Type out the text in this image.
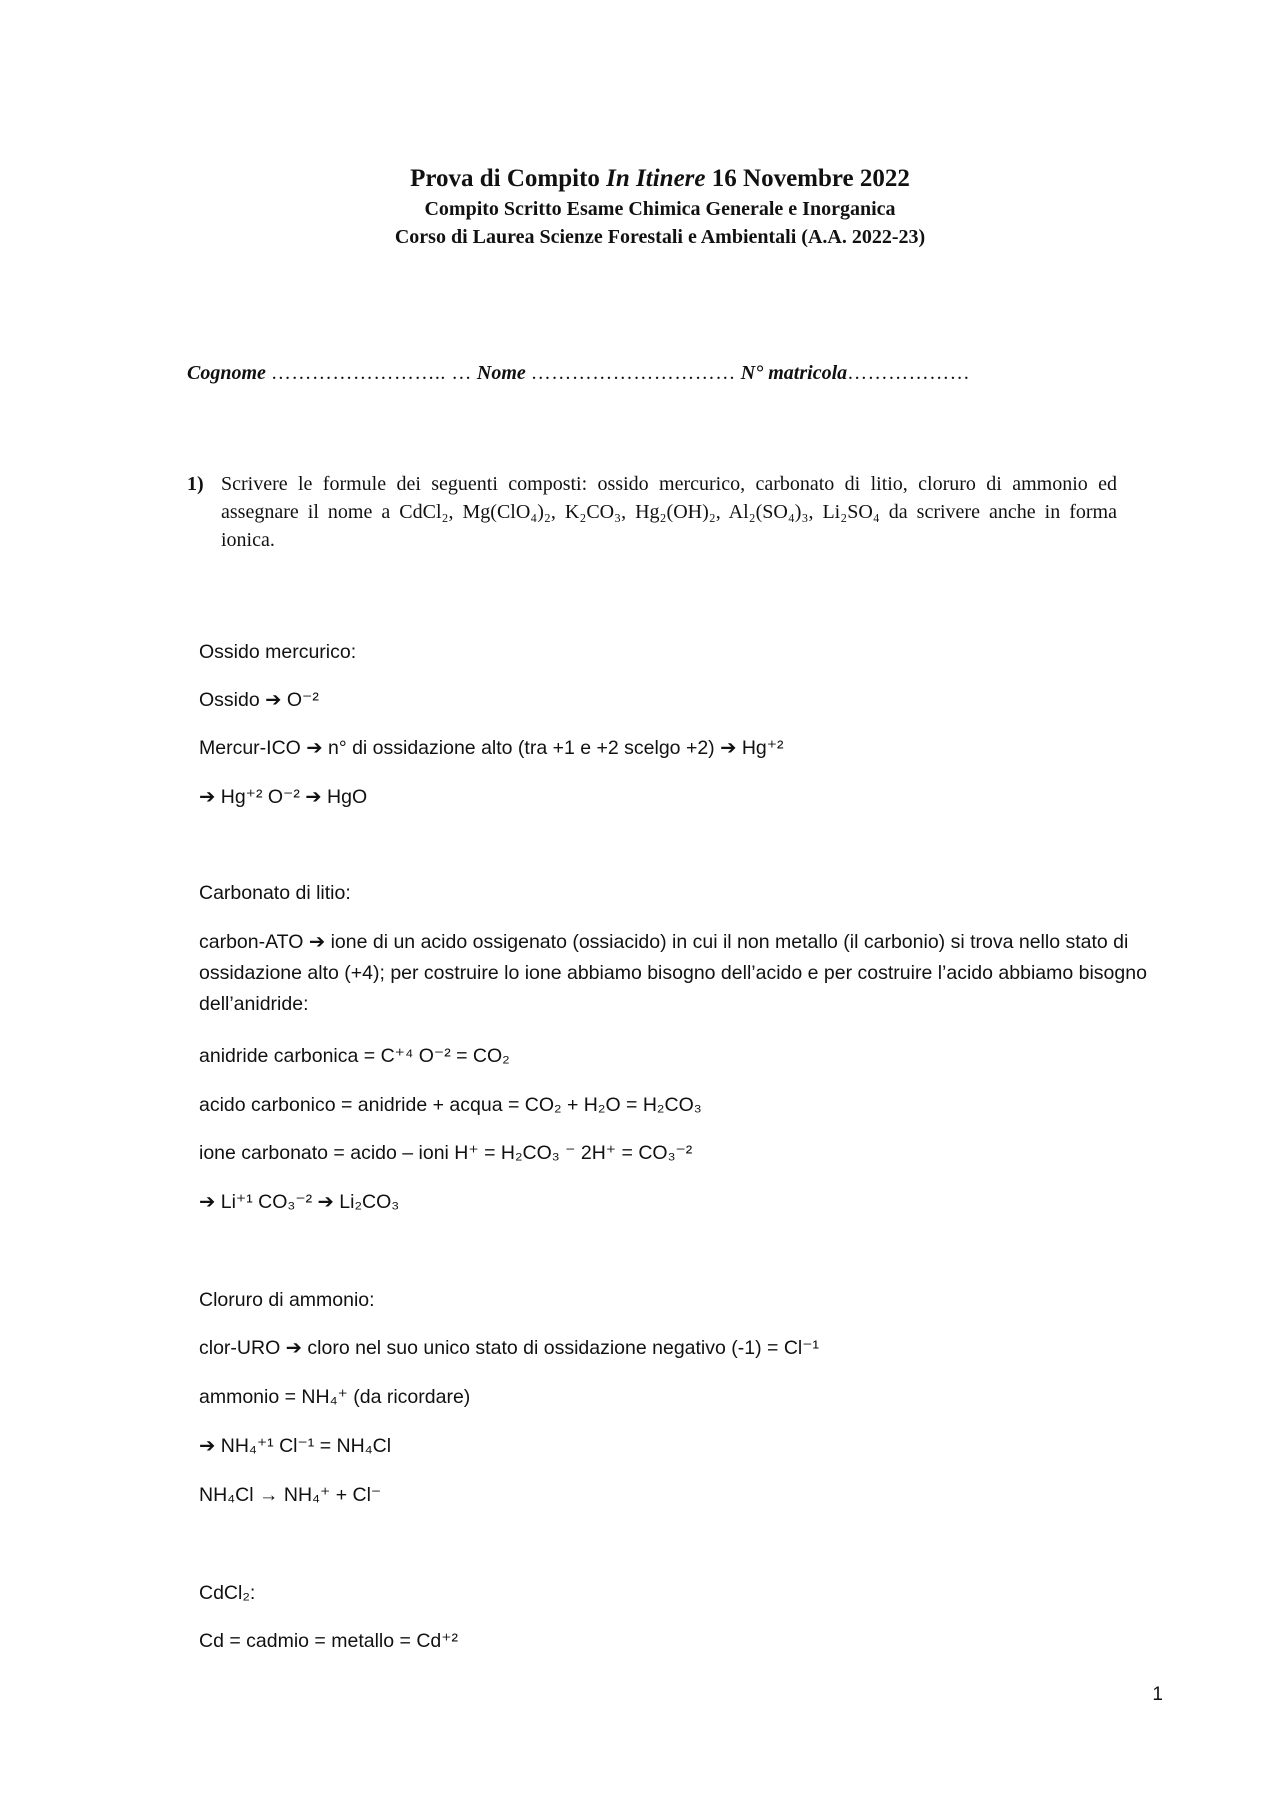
Prova di Compito In Itinere 16 Novembre 2022
Compito Scritto Esame Chimica Generale e Inorganica
Corso di Laurea Scienze Forestali e Ambientali (A.A. 2022-23)
Cognome …………………….. … Nome ………………………… N° matricola………………
1) Scrivere le formule dei seguenti composti: ossido mercurico, carbonato di litio, cloruro di ammonio ed assegnare il nome a CdCl₂, Mg(ClO₄)₂, K₂CO₃, Hg₂(OH)₂, Al₂(SO₄)₃, Li₂SO₄ da scrivere anche in forma ionica.
Ossido mercurico:
Ossido ➔ O⁻²
Mercur-ICO ➔ n° di ossidazione alto (tra +1 e +2 scelgo +2) ➔ Hg⁺²
➔ Hg⁺² O⁻² ➔ HgO
Carbonato di litio:
carbon-ATO ➔ ione di un acido ossigenato (ossiacido) in cui il non metallo (il carbonio) si trova nello stato di ossidazione alto (+4); per costruire lo ione abbiamo bisogno dell’acido e per costruire l’acido abbiamo bisogno dell’anidride:
anidride carbonica = C⁺⁴ O⁻² = CO₂
acido carbonico = anidride + acqua = CO₂ + H₂O = H₂CO₃
ione carbonato = acido – ioni H⁺ = H₂CO₃ ⁻ 2H⁺ = CO₃⁻²
➔ Li⁺¹ CO₃⁻² ➔ Li₂CO₃
Cloruro di ammonio:
clor-URO ➔ cloro nel suo unico stato di ossidazione negativo (-1) = Cl⁻¹
ammonio = NH₄⁺ (da ricordare)
➔ NH₄⁺¹ Cl⁻¹ = NH₄Cl
NH₄Cl → NH₄⁺ + Cl⁻
CdCl₂:
Cd = cadmio = metallo = Cd⁺²
1
